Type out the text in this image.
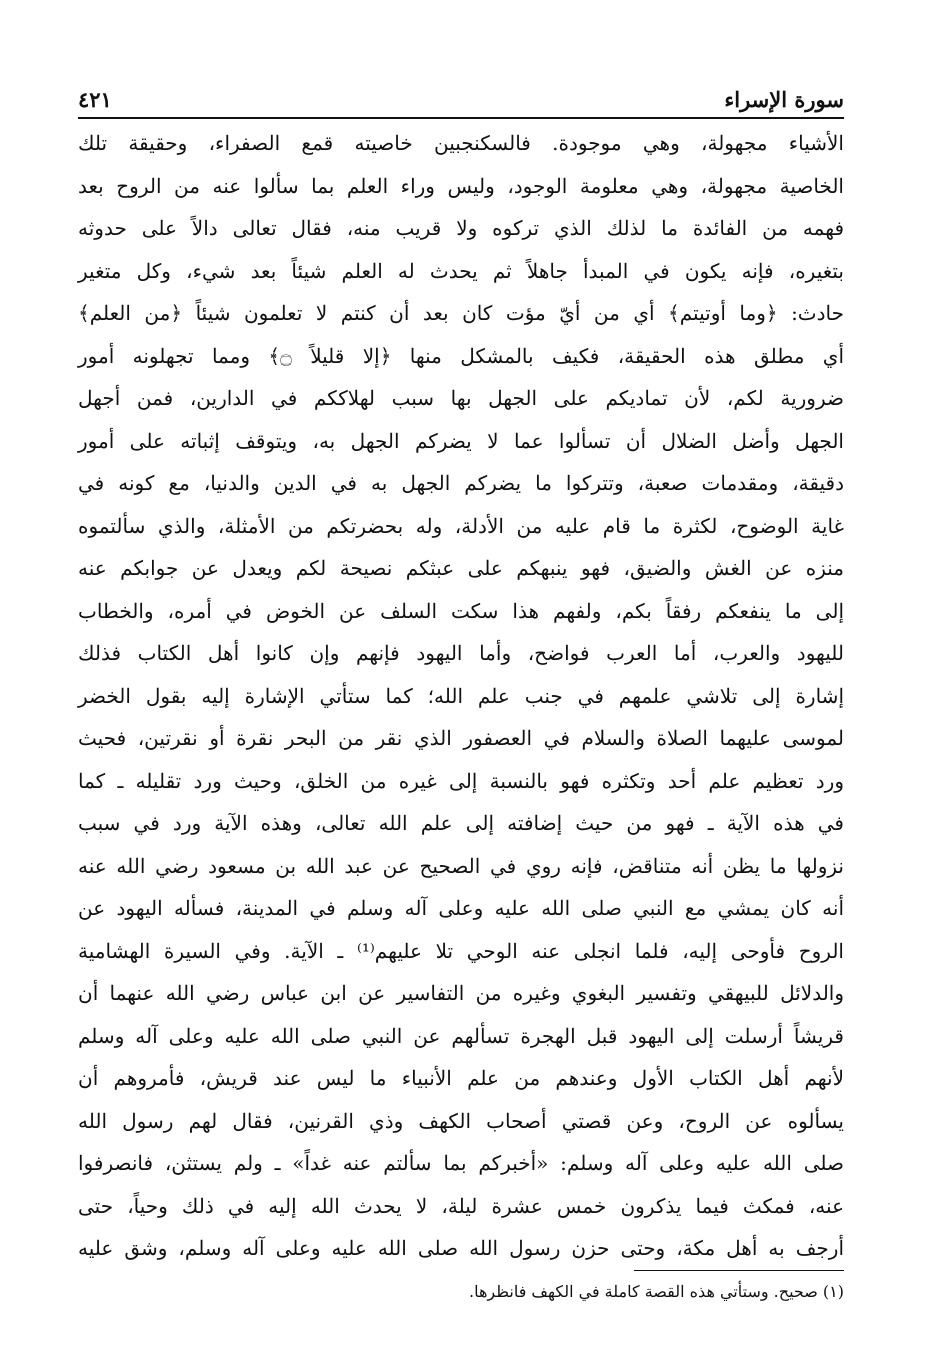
سورة الإسراء
٤٢١
الأشياء مجهولة، وهي موجودة. فالسكنجبين خاصيته قمع الصفراء، وحقيقة تلك
الخاصية مجهولة، وهي معلومة الوجود، وليس وراء العلم بما سألوا عنه من الروح بعد
فهمه من الفائدة ما لذلك الذي تركوه ولا قريب منه، فقال تعالى دالاً على حدوثه
بتغيره، فإنه يكون في المبدأ جاهلاً ثم يحدث له العلم شيئاً بعد شيء، وكل متغير
حادث: ﴿وما أوتيتم﴾ أي من أيّ مؤت كان بعد أن كنتم لا تعلمون شيئاً ﴿من العلم﴾
أي مطلق هذه الحقيقة، فكيف بالمشكل منها ﴿إلا قليلاً ۝﴾ ومما تجهلونه أمور
ضرورية لكم، لأن تماديكم على الجهل بها سبب لهلاككم في الدارين، فمن أجهل
الجهل وأضل الضلال أن تسألوا عما لا يضركم الجهل به، ويتوقف إثباته على أمور
دقيقة، ومقدمات صعبة، وتتركوا ما يضركم الجهل به في الدين والدنيا، مع كونه في
غاية الوضوح، لكثرة ما قام عليه من الأدلة، وله بحضرتكم من الأمثلة، والذي سألتموه
منزه عن الغش والضيق، فهو ينبهكم على عبثكم نصيحة لكم ويعدل عن جوابكم عنه
إلى ما ينفعكم رفقاً بكم، ولفهم هذا سكت السلف عن الخوض في أمره، والخطاب
لليهود والعرب، أما العرب فواضح، وأما اليهود فإنهم وإن كانوا أهل الكتاب فذلك
إشارة إلى تلاشي علمهم في جنب علم الله؛ كما ستأتي الإشارة إليه بقول الخضر
لموسى عليهما الصلاة والسلام في العصفور الذي نقر من البحر نقرة أو نقرتين، فحيث
ورد تعظيم علم أحد وتكثره فهو بالنسبة إلى غيره من الخلق، وحيث ورد تقليله ـ كما
في هذه الآية ـ فهو من حيث إضافته إلى علم الله تعالى، وهذه الآية ورد في سبب
نزولها ما يظن أنه متناقض، فإنه روي في الصحيح عن عبد الله بن مسعود رضي الله عنه
أنه كان يمشي مع النبي صلى الله عليه وعلى آله وسلم في المدينة، فسأله اليهود عن
الروح فأوحى إليه، فلما انجلى عنه الوحي تلا عليهم⁽¹⁾ ـ الآية. وفي السيرة الهشامية
والدلائل للبيهقي وتفسير البغوي وغيره من التفاسير عن ابن عباس رضي الله عنهما أن
قريشاً أرسلت إلى اليهود قبل الهجرة تسألهم عن النبي صلى الله عليه وعلى آله وسلم
لأنهم أهل الكتاب الأول وعندهم من علم الأنبياء ما ليس عند قريش، فأمروهم أن
يسألوه عن الروح، وعن قصتي أصحاب الكهف وذي القرنين، فقال لهم رسول الله
صلى الله عليه وعلى آله وسلم: «أخبركم بما سألتم عنه غداً» ـ ولم يستثن، فانصرفوا
عنه، فمكث فيما يذكرون خمس عشرة ليلة، لا يحدث الله إليه في ذلك وحياً، حتى
أرجف به أهل مكة، وحتى حزن رسول الله صلى الله عليه وعلى آله وسلم، وشق عليه
(١) صحيح. وستأتي هذه القصة كاملة في الكهف فانظرها.
